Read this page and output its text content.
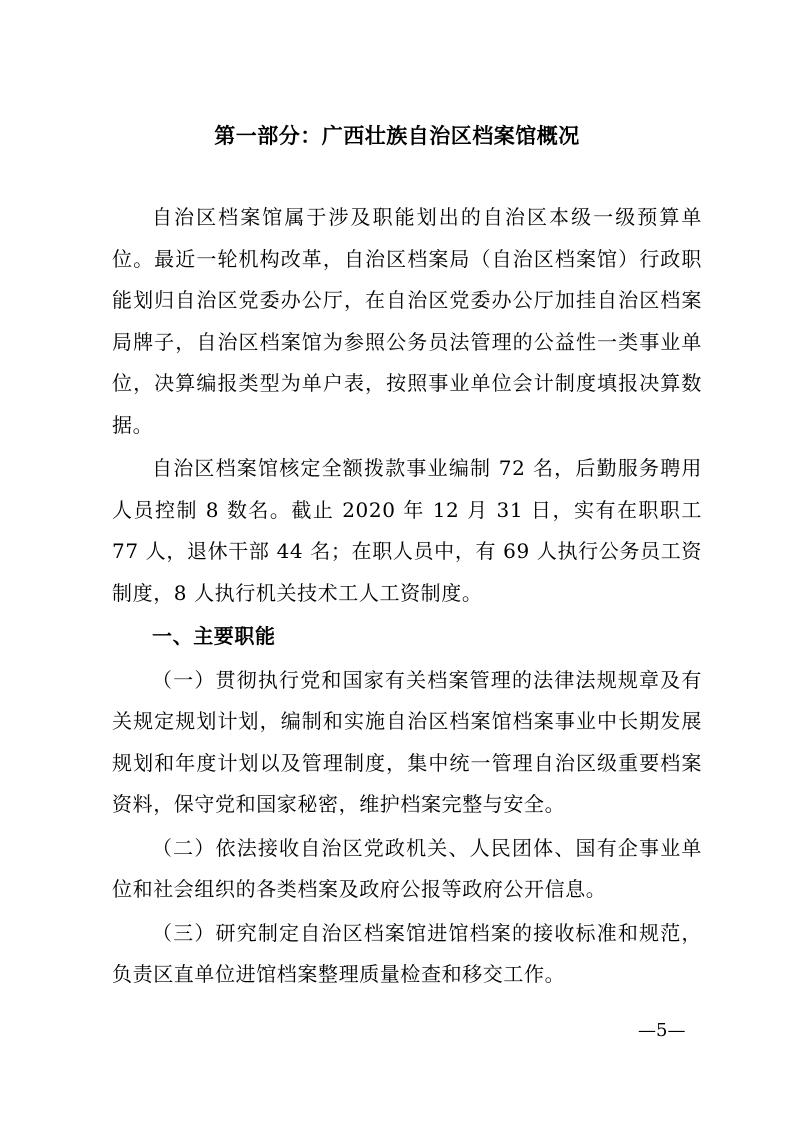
第一部分：广西壮族自治区档案馆概况

自治区档案馆属于涉及职能划出的自治区本级一级预算单位。最近一轮机构改革，自治区档案局（自治区档案馆）行政职能划归自治区党委办公厅，在自治区党委办公厅加挂自治区档案局牌子，自治区档案馆为参照公务员法管理的公益性一类事业单位，决算编报类型为单户表，按照事业单位会计制度填报决算数据。

自治区档案馆核定全额拨款事业编制 72 名，后勤服务聘用人员控制 8 数名。截止 2020 年 12 月 31 日，实有在职职工 77 人，退休干部 44 名；在职人员中，有 69 人执行公务员工资制度，8 人执行机关技术工人工资制度。

一、主要职能

（一）贯彻执行党和国家有关档案管理的法律法规规章及有关规定规划计划，编制和实施自治区档案馆档案事业中长期发展规划和年度计划以及管理制度，集中统一管理自治区级重要档案资料，保守党和国家秘密，维护档案完整与安全。

（二）依法接收自治区党政机关、人民团体、国有企事业单位和社会组织的各类档案及政府公报等政府公开信息。

（三）研究制定自治区档案馆进馆档案的接收标准和规范，负责区直单位进馆档案整理质量检查和移交工作。

—5—
